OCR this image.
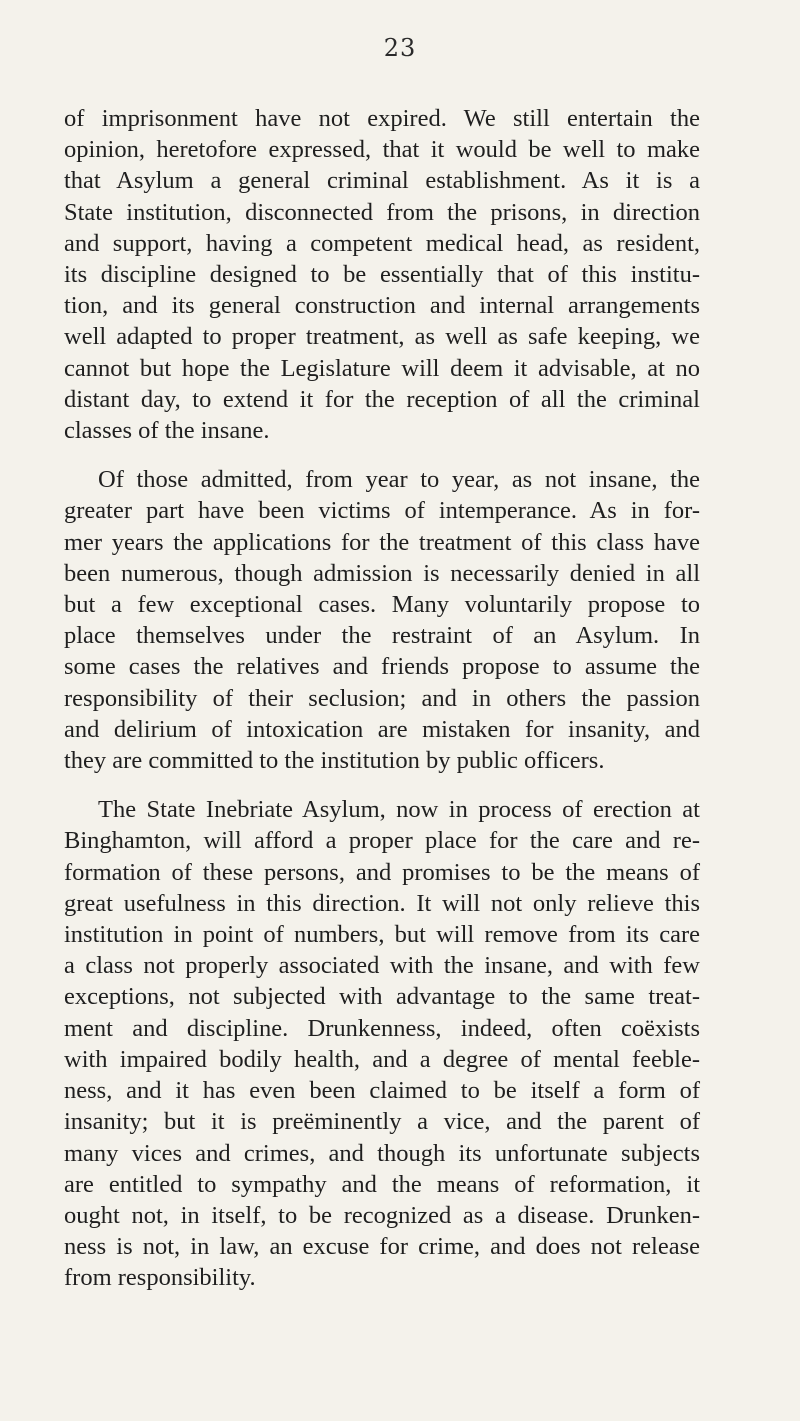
23

of imprisonment have not expired. We still entertain the
opinion, heretofore expressed, that it would be well to make
that Asylum a general criminal establishment. As it is a
State institution, disconnected from the prisons, in direction
and support, having a competent medical head, as resident,
its discipline designed to be essentially that of this institu-
tion, and its general construction and internal arrangements
well adapted to proper treatment, as well as safe keeping, we
cannot but hope the Legislature will deem it advisable, at no
distant day, to extend it for the reception of all the criminal
classes of the insane.

Of those admitted, from year to year, as not insane, the
greater part have been victims of intemperance. As in for-
mer years the applications for the treatment of this class have
been numerous, though admission is necessarily denied in all
but a few exceptional cases. Many voluntarily propose to
place themselves under the restraint of an Asylum. In
some cases the relatives and friends propose to assume the
responsibility of their seclusion; and in others the passion
and delirium of intoxication are mistaken for insanity, and
they are committed to the institution by public officers.

The State Inebriate Asylum, now in process of erection at
Binghamton, will afford a proper place for the care and re-
formation of these persons, and promises to be the means of
great usefulness in this direction. It will not only relieve this
institution in point of numbers, but will remove from its care
a class not properly associated with the insane, and with few
exceptions, not subjected with advantage to the same treat-
ment and discipline. Drunkenness, indeed, often coëxists
with impaired bodily health, and a degree of mental feeble-
ness, and it has even been claimed to be itself a form of
insanity; but it is preëminently a vice, and the parent of
many vices and crimes, and though its unfortunate subjects
are entitled to sympathy and the means of reformation, it
ought not, in itself, to be recognized as a disease. Drunken-
ness is not, in law, an excuse for crime, and does not release
from responsibility.
